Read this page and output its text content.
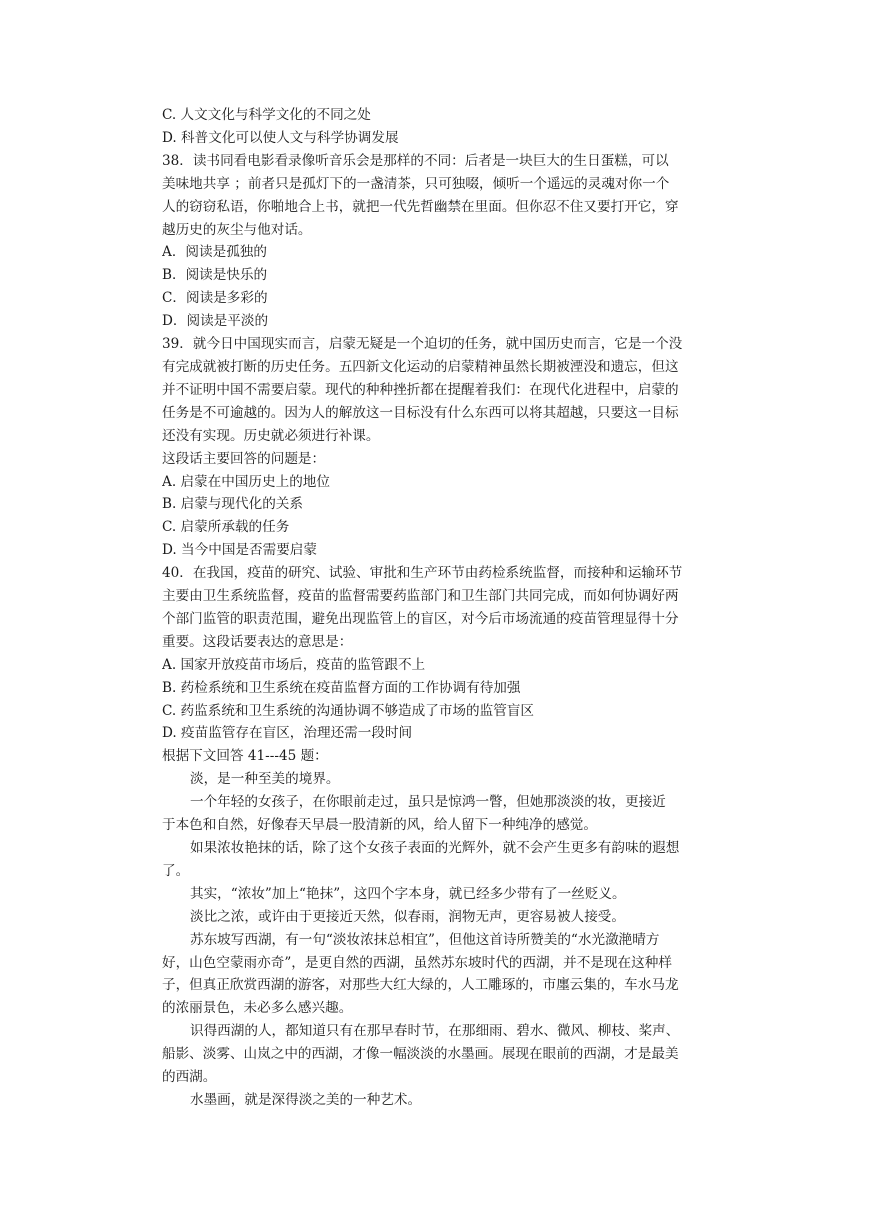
C. 人文文化与科学文化的不同之处
D. 科普文化可以使人文与科学协调发展
38．读书同看电影看录像听音乐会是那样的不同：后者是一块巨大的生日蛋糕，可以
美味地共享 ；前者只是孤灯下的一盏清茶，只可独啜，倾听一个遥远的灵魂对你一个
人的窃窃私语，你啪地合上书，就把一代先哲幽禁在里面。但你忍不住又要打开它，穿
越历史的灰尘与他对话。
A．阅读是孤独的
B．阅读是快乐的
C．阅读是多彩的
D．阅读是平淡的
39．就今日中国现实而言，启蒙无疑是一个迫切的任务，就中国历史而言，它是一个没
有完成就被打断的历史任务。五四新文化运动的启蒙精神虽然长期被湮没和遗忘，但这
并不证明中国不需要启蒙。现代的种种挫折都在提醒着我们：在现代化进程中，启蒙的
任务是不可逾越的。因为人的解放这一目标没有什么东西可以将其超越，只要这一目标
还没有实现。历史就必须进行补课。
这段话主要回答的问题是：
A. 启蒙在中国历史上的地位
B. 启蒙与现代化的关系
C. 启蒙所承载的任务
D. 当今中国是否需要启蒙
40．在我国，疫苗的研究、试验、审批和生产环节由药检系统监督，而接种和运输环节
主要由卫生系统监督，疫苗的监督需要药监部门和卫生部门共同完成，而如何协调好两
个部门监管的职责范围，避免出现监管上的盲区，对今后市场流通的疫苗管理显得十分
重要。这段话要表达的意思是：
A. 国家开放疫苗市场后，疫苗的监管跟不上
B. 药检系统和卫生系统在疫苗监督方面的工作协调有待加强
C. 药监系统和卫生系统的沟通协调不够造成了市场的监管盲区
D. 疫苗监管存在盲区，治理还需一段时间
根据下文回答 41---45 题：
淡，是一种至美的境界。
一个年轻的女孩子，在你眼前走过，虽只是惊鸿一瞥，但她那淡淡的妆，更接近
于本色和自然，好像春天早晨一股清新的风，给人留下一种纯净的感觉。
如果浓妆艳抹的话，除了这个女孩子表面的光辉外，就不会产生更多有韵味的遐想
了。
其实，“浓妆”加上“艳抹”，这四个字本身，就已经多少带有了一丝贬义。
淡比之浓，或许由于更接近天然，似春雨，润物无声，更容易被人接受。
苏东坡写西湖，有一句“淡妆浓抹总相宜”，但他这首诗所赞美的“水光潋滟晴方
好，山色空蒙雨亦奇”，是更自然的西湖，虽然苏东坡时代的西湖，并不是现在这种样
子，但真正欣赏西湖的游客，对那些大红大绿的，人工雕琢的，市廛云集的，车水马龙
的浓丽景色，未必多么感兴趣。
识得西湖的人，都知道只有在那早春时节，在那细雨、碧水、微风、柳枝、桨声、
船影、淡雾、山岚之中的西湖，才像一幅淡淡的水墨画。展现在眼前的西湖，才是最美
的西湖。
水墨画，就是深得淡之美的一种艺术。
